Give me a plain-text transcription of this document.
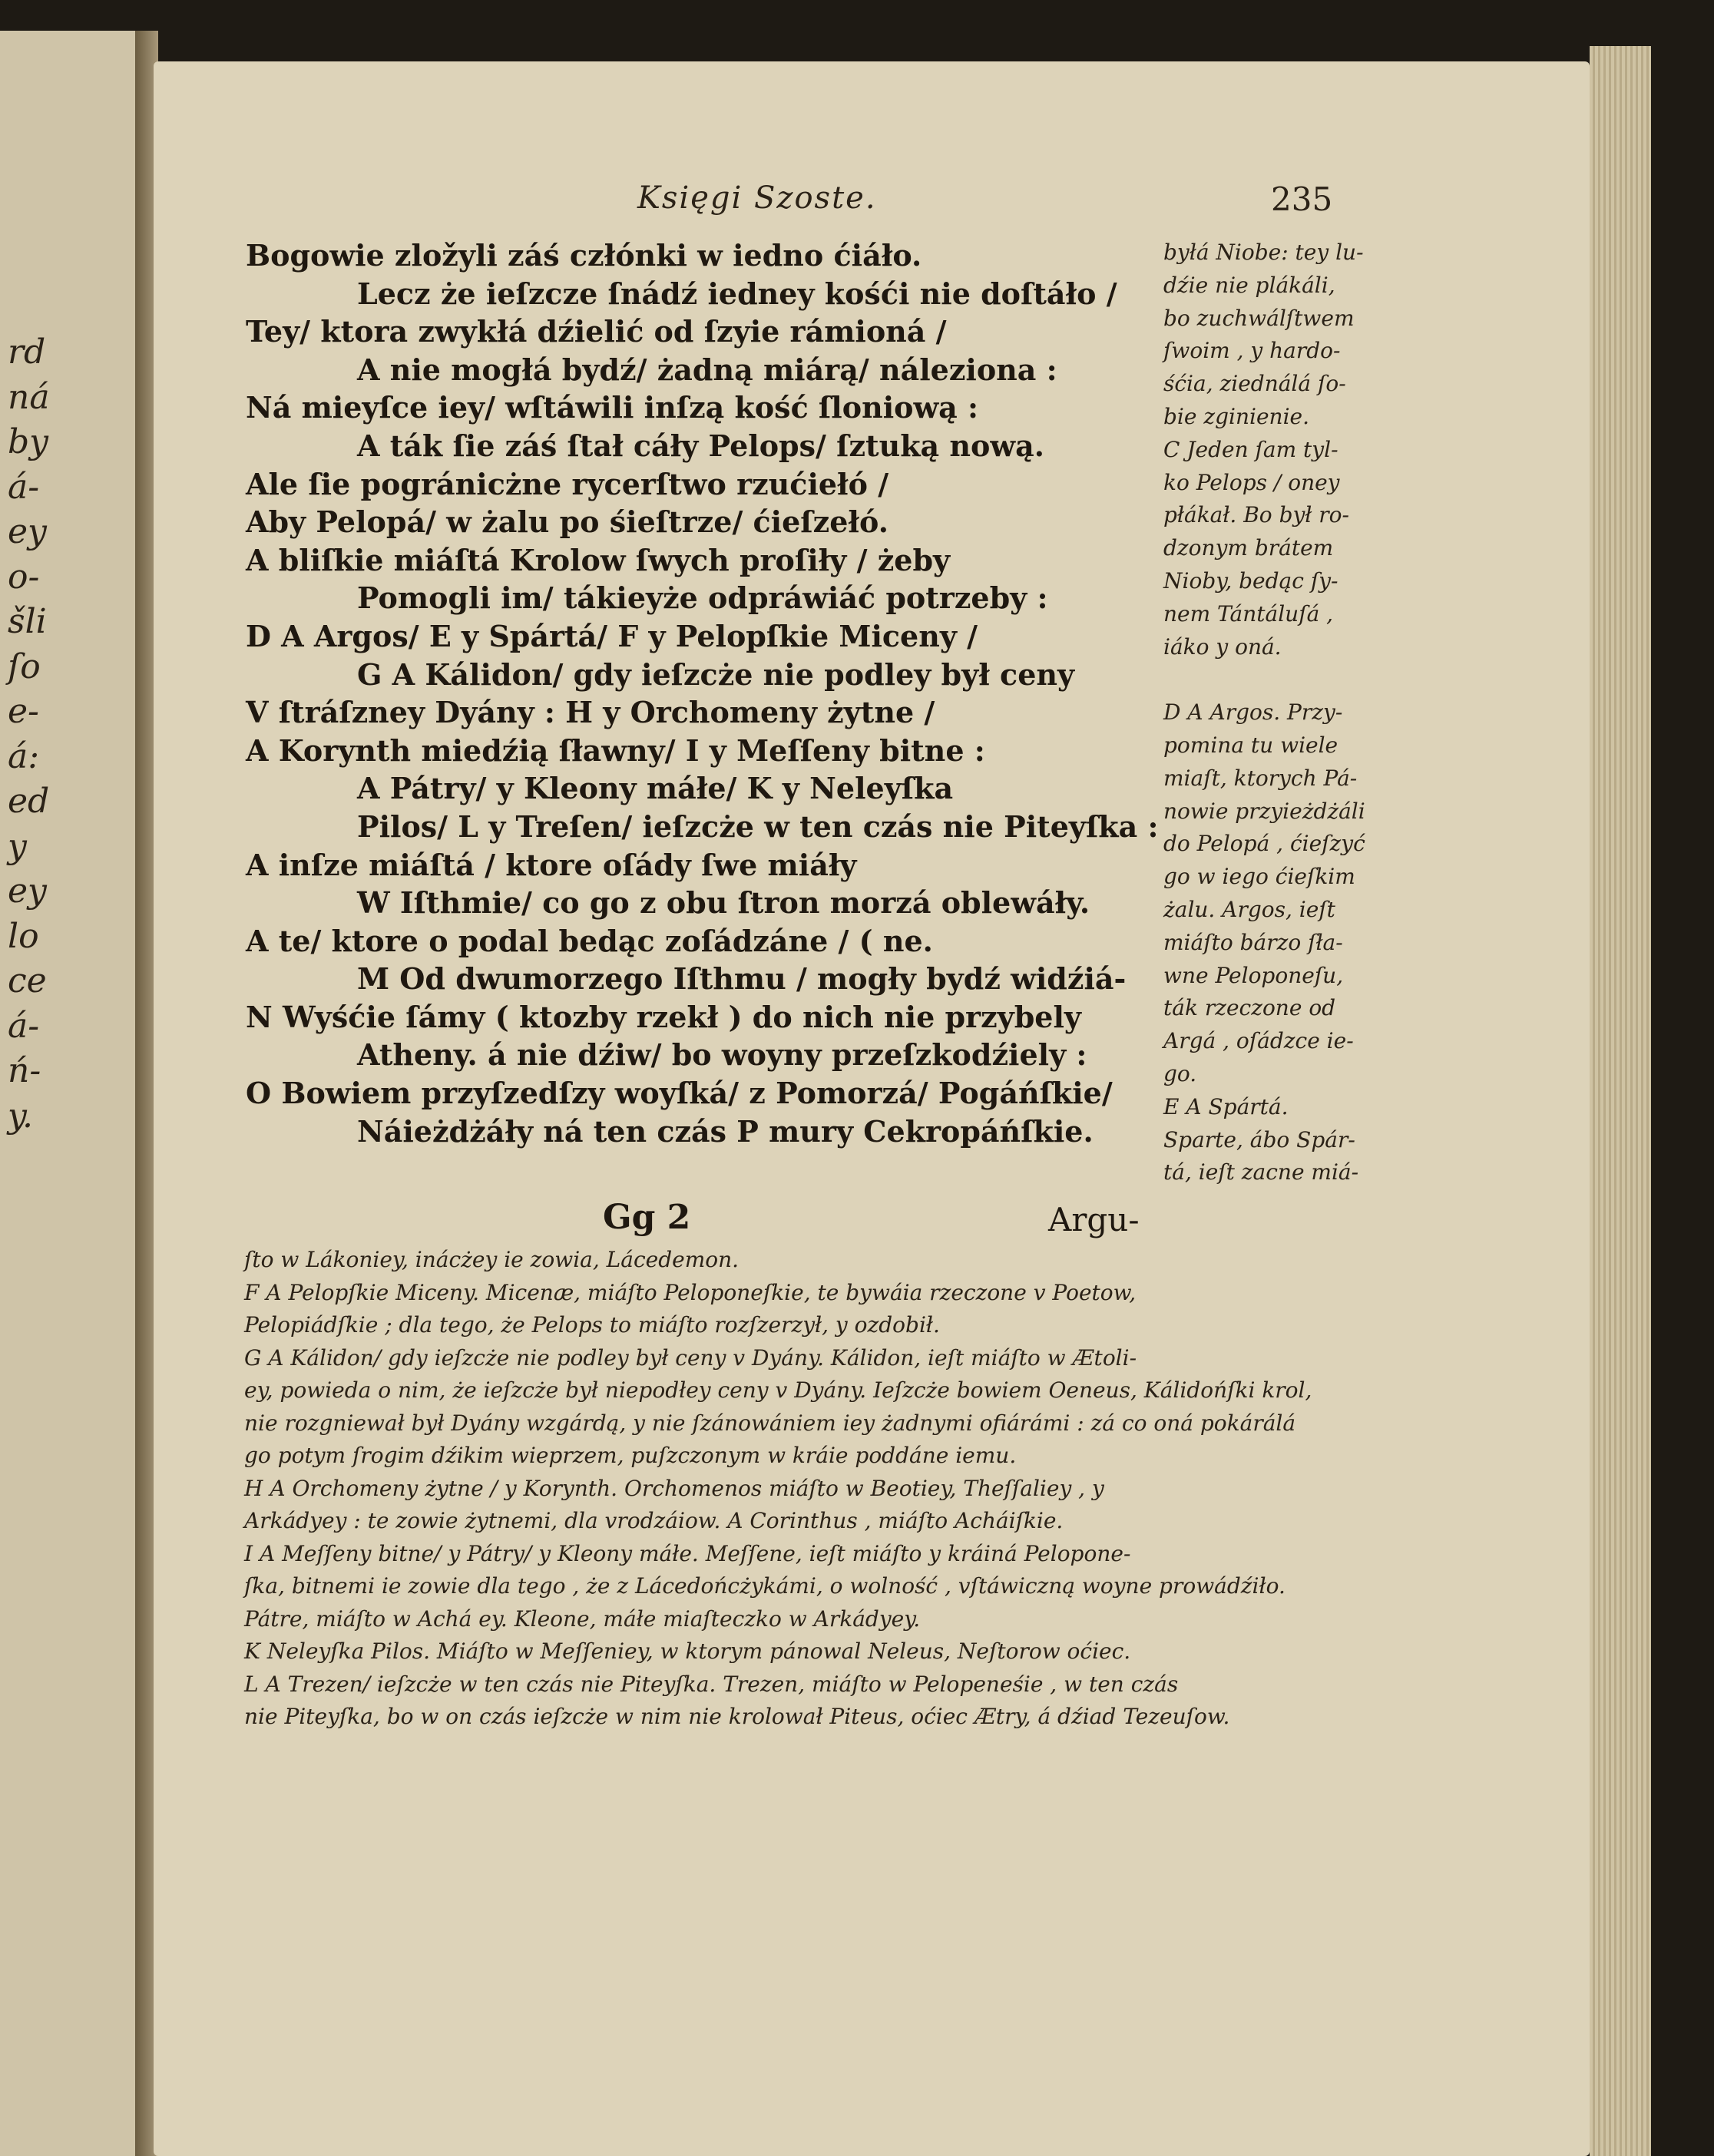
rd
ná
by
á-
ey
o-
šli
ſo
e-
á:
ed
y
ey
lo
ce
á-
ń-
y.
Księgi Szoste.	235
Bogowie zložyli záś człónki w iedno ćiáło.
Lecz że ieſzcze ſnádź iedney kośći nie doſtáło /
Tey/ ktora zwykłá dźielić od ſzyie rámioná /
A nie mogłá bydź/ żadną miárą/ náleziona :
Ná mieyſce iey/ wſtáwili inſzą kość ſloniową :
A ták ſie záś ſtał cáły Pelops/ ſztuką nową.
Ale ſie pogránicżne rycerſtwo rzućiełó /
Aby Pelopá/ w żalu po śieſtrze/ ćieſzełó.
A bliſkie miáſtá Krolow ſwych proſiły / żeby
Pomogli im/ tákieyże odpráwiáć potrzeby :
D A Argos/ E y Spártá/ F y Pelopſkie Miceny /
G A Kálidon/ gdy ieſzcże nie podley był ceny
V ſtráſzney Dyány : H y Orchomeny żytne /
A Korynth miedźią ſławny/ I y Meſſeny bitne :
A Pátry/ y Kleony máłe/ K y Neleyſka
Pilos/ L y Treſen/ ieſzcże w ten czás nie Piteyſka :
A inſze miáſtá / ktore oſády ſwe miáły
W Iſthmie/ co go z obu ſtron morzá oblewáły.
A te/ ktore o podal bedąc zoſádzáne / ( ne.
M Od dwumorzego Iſthmu / mogły bydź widźiá-
N Wyśćie ſámy ( ktozby rzekł ) do nich nie przybely
Atheny. á nie dźiw/ bo woyny przeſzkodźiely :
O Bowiem przyſzedſzy woyſká/ z Pomorzá/ Pogáńſkie/
Náieżdżáły ná ten czás P mury Cekropáńſkie.
byłá Niobe: tey lu-
dźie nie plákáli,
bo zuchwálſtwem
ſwoim , y hardo-
śćia, ziednálá ſo-
bie zginienie.
C Jeden ſam tyl-
ko Pelops / oney
płákał. Bo był ro-
dzonym brátem
Nioby, bedąc ſy-
nem Tántáluſá ,
iáko y oná.

D A Argos. Przy-
pomina tu wiele
miaſt, ktorych Pá-
nowie przyieżdżáli
do Pelopá , ćieſzyć
go w iego ćieſkim
żalu. Argos, ieſt
miáſto bárzo ſła-
wne Peloponeſu,
ták rzeczone od
Argá , oſádzce ie-
go.
E A Spártá.
Sparte, ábo Spár-
tá, ieſt zacne miá-
Gg 2	Argu-
ſto w Lákoniey, inácżey ie zowia, Lácedemon.
F A Pelopſkie Miceny. Micenæ, miáſto Peloponeſkie, te bywáia rzeczone v Poetow,
Pelopiádſkie ; dla tego, że Pelops to miáſto rozſzerzył, y ozdobił.
G A Kálidon/ gdy ieſzcże nie podley był ceny v Dyány. Kálidon, ieſt miáſto w Ætoli-
ey, powieda o nim, że ieſzcże był niepodłey ceny v Dyány. Ieſzcże bowiem Oeneus, Kálidońſki krol,
nie rozgniewał był Dyány wzgárdą, y nie ſzánowániem iey żadnymi ofiárámi : zá co oná pokárálá
go potym ſrogim dźikim wieprzem, puſzczonym w kráie poddáne iemu.
H A Orchomeny żytne / y Korynth. Orchomenos miáſto w Beotiey, Theſſaliey , y
Arkádyey : te zowie żytnemi, dla vrodzáiow. A Corinthus , miáſto Acháiſkie.
I A Meſſeny bitne/ y Pátry/ y Kleony máłe. Meſſene, ieſt miáſto y kráiná Pelopone-
ſka, bitnemi ie zowie dla tego , że z Lácedońcżykámi, o wolność , vſtáwiczną woyne prowádźiło.
Pátre, miáſto w Achá ey. Kleone, máłe miaſteczko w Arkádyey.
K Neleyſka Pilos. Miáſto w Meſſeniey, w ktorym pánowal Neleus, Neſtorow oćiec.
L A Trezen/ ieſzcże w ten czás nie Piteyſka. Trezen, miáſto w Pelopeneśie , w ten czás
nie Piteyſka, bo w on czás ieſzcże w nim nie krolował Piteus, oćiec Ætry, á dźiad Tezeuſow.
